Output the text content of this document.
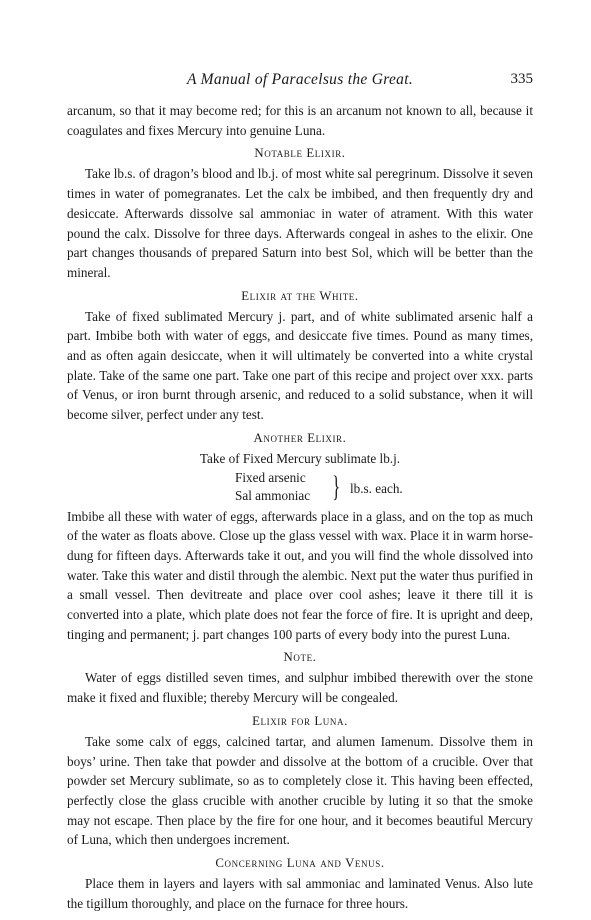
A Manual of Paracelsus the Great.	335

arcanum, so that it may become red; for this is an arcanum not known to all, because it coagulates and fixes Mercury into genuine Luna.

Notable Elixir.

Take lb.s. of dragon’s blood and lb.j. of most white sal peregrinum. Dissolve it seven times in water of pomegranates. Let the calx be imbibed, and then frequently dry and desiccate. Afterwards dissolve sal ammoniac in water of atrament. With this water pound the calx. Dissolve for three days. Afterwards congeal in ashes to the elixir. One part changes thousands of prepared Saturn into best Sol, which will be better than the mineral.

Elixir at the White.

Take of fixed sublimated Mercury j. part, and of white sublimated arsenic half a part. Imbibe both with water of eggs, and desiccate five times. Pound as many times, and as often again desiccate, when it will ultimately be converted into a white crystal plate. Take of the same one part. Take one part of this recipe and project over xxx. parts of Venus, or iron burnt through arsenic, and reduced to a solid substance, when it will become silver, perfect under any test.

Another Elixir.
Take of Fixed Mercury sublimate lb.j.
Fixed arsenic
Sal ammoniac } lb.s. each.

Imbibe all these with water of eggs, afterwards place in a glass, and on the top as much of the water as floats above. Close up the glass vessel with wax. Place it in warm horse-dung for fifteen days. Afterwards take it out, and you will find the whole dissolved into water. Take this water and distil through the alembic. Next put the water thus purified in a small vessel. Then devitreate and place over cool ashes; leave it there till it is converted into a plate, which plate does not fear the force of fire. It is upright and deep, tinging and permanent; j. part changes 100 parts of every body into the purest Luna.

Note.

Water of eggs distilled seven times, and sulphur imbibed therewith over the stone make it fixed and fluxible; thereby Mercury will be congealed.

Elixir for Luna.

Take some calx of eggs, calcined tartar, and alumen Iamenum. Dissolve them in boys’ urine. Then take that powder and dissolve at the bottom of a crucible. Over that powder set Mercury sublimate, so as to completely close it. This having been effected, perfectly close the glass crucible with another crucible by luting it so that the smoke may not escape. Then place by the fire for one hour, and it becomes beautiful Mercury of Luna, which then undergoes increment.

Concerning Luna and Venus.

Place them in layers and layers with sal ammoniac and laminated Venus. Also lute the tigillum thoroughly, and place on the furnace for three hours.
